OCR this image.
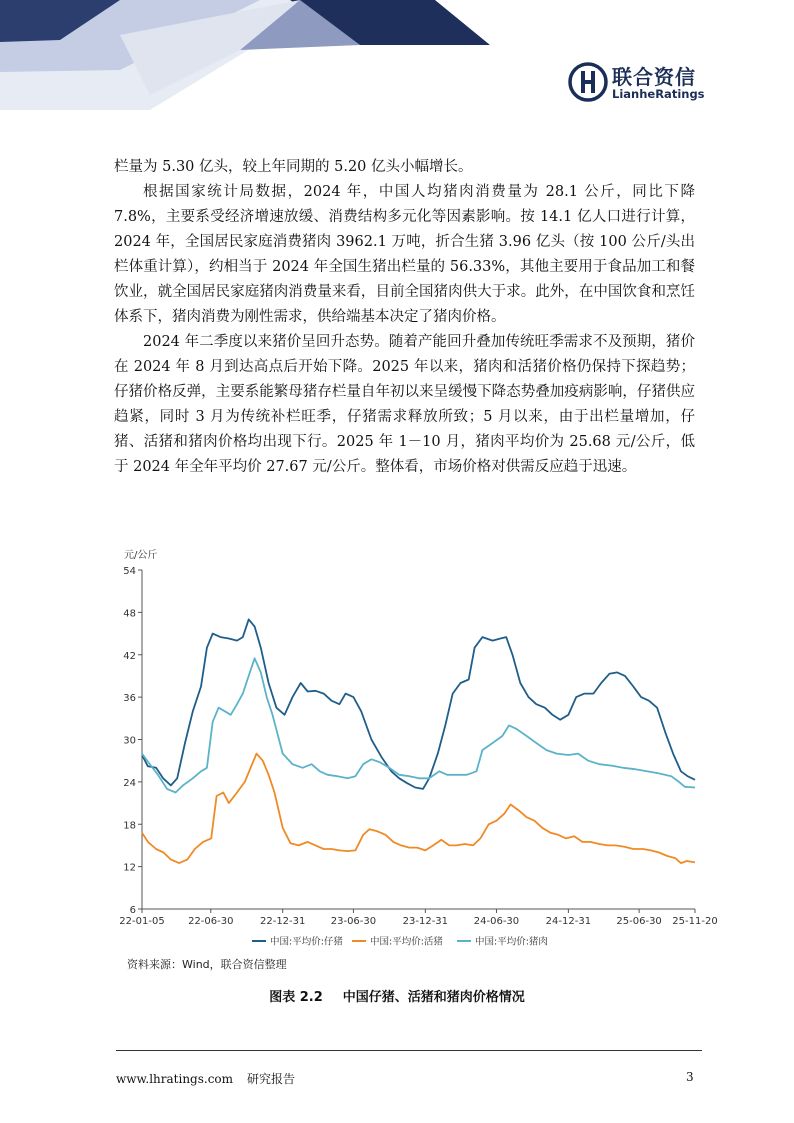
联合资信
LianheRatings

栏量为 5.30 亿头，较上年同期的 5.20 亿头小幅增长。

根据国家统计局数据，2024 年，中国人均猪肉消费量为 28.1 公斤，同比下降 7.8%，主要系受经济增速放缓、消费结构多元化等因素影响。按 14.1 亿人口进行计算，2024 年，全国居民家庭消费猪肉 3962.1 万吨，折合生猪 3.96 亿头（按 100 公斤/头出栏体重计算），约相当于 2024 年全国生猪出栏量的 56.33%，其他主要用于食品加工和餐饮业，就全国居民家庭猪肉消费量来看，目前全国猪肉供大于求。此外，在中国饮食和烹饪体系下，猪肉消费为刚性需求，供给端基本决定了猪肉价格。

2024 年二季度以来猪价呈回升态势。随着产能回升叠加传统旺季需求不及预期，猪价在 2024 年 8 月到达高点后开始下降。2025 年以来，猪肉和活猪价格仍保持下探趋势；仔猪价格反弹，主要系能繁母猪存栏量自年初以来呈缓慢下降态势叠加疫病影响，仔猪供应趋紧，同时 3 月为传统补栏旺季，仔猪需求释放所致；5 月以来，由于出栏量增加，仔猪、活猪和猪肉价格均出现下行。2025 年 1－10 月，猪肉平均价为 25.68 元/公斤，低于 2024 年全年平均价 27.67 元/公斤。整体看，市场价格对供需反应趋于迅速。

元/公斤
6
12
18
24
30
36
42
48
54
22-01-05 22-06-30	22-12-31	23-06-30	23-12-31	24-06-30	24-12-31	25-06-30 25-11-20
中国:平均价:仔猪	中国:平均价:活猪	中国:平均价:猪肉
资料来源：Wind，联合资信整理
图表 2.2 中国仔猪、活猪和猪肉价格情况
www.lhratings.com 研究报告	3
